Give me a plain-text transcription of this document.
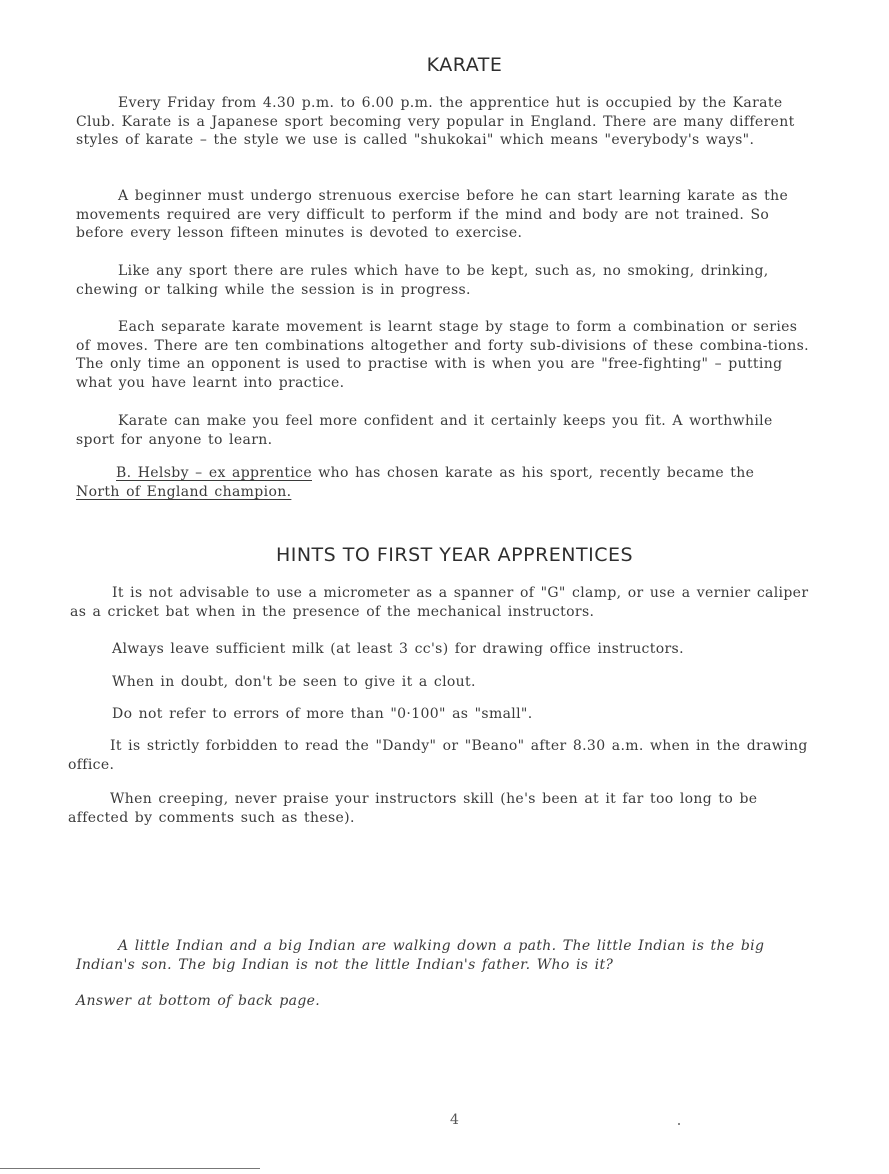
KARATE

Every Friday from 4.30 p.m. to 6.00 p.m. the apprentice hut is occupied by the Karate Club. Karate is a Japanese sport becoming very popular in England. There are many different styles of karate – the style we use is called "shukokai" which means "everybody's ways".

A beginner must undergo strenuous exercise before he can start learning karate as the movements required are very difficult to perform if the mind and body are not trained. So before every lesson fifteen minutes is devoted to exercise.

Like any sport there are rules which have to be kept, such as, no smoking, drinking, chewing or talking while the session is in progress.

Each separate karate movement is learnt stage by stage to form a combination or series of moves. There are ten combinations altogether and forty sub-divisions of these combina-tions. The only time an opponent is used to practise with is when you are "free-fighting" – putting what you have learnt into practice.

Karate can make you feel more confident and it certainly keeps you fit. A worthwhile sport for anyone to learn.

B. Helsby – ex apprentice who has chosen karate as his sport, recently became the
North of England champion.
HINTS TO FIRST YEAR APPRENTICES

It is not advisable to use a micrometer as a spanner of "G" clamp, or use a vernier caliper as a cricket bat when in the presence of the mechanical instructors.

Always leave sufficient milk (at least 3 cc's) for drawing office instructors.

When in doubt, don't be seen to give it a clout.

Do not refer to errors of more than "0·100" as "small".

It is strictly forbidden to read the "Dandy" or "Beano" after 8.30 a.m. when in the drawing office.

When creeping, never praise your instructors skill (he's been at it far too long to be affected by comments such as these).

A little Indian and a big Indian are walking down a path. The little Indian is the big Indian's son. The big Indian is not the little Indian's father. Who is it?

Answer at bottom of back page.
4
